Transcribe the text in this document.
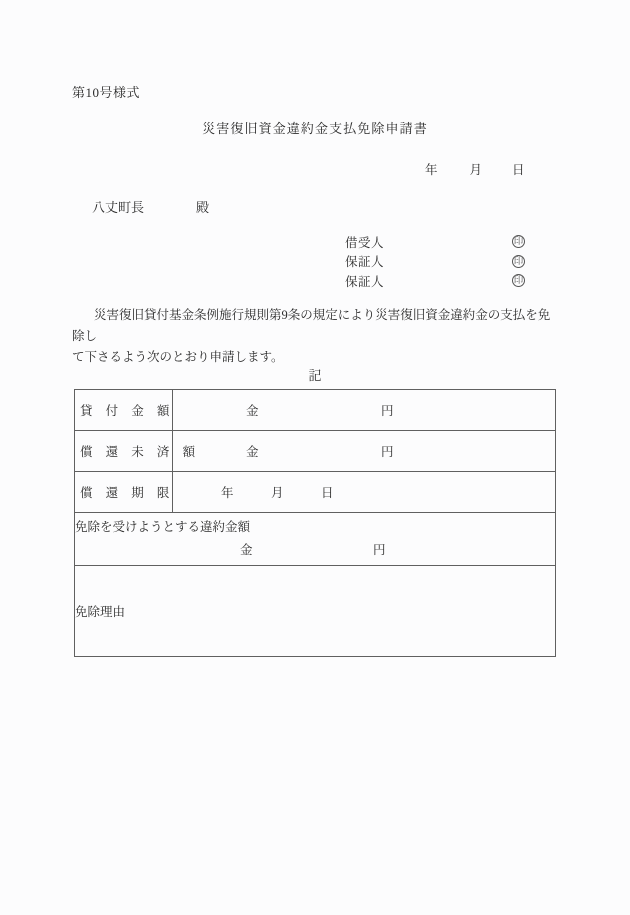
第10号様式
災害復旧資金違約金支払免除申請書
年	月 日
八丈町長	殿
借受人	印
保証人	印
保証人	印
災害復旧貸付基金条例施行規則第9条の規定により災害復旧資金違約金の支払を免除し
て下さるよう次のとおり申請します。
記
貸 付 金 額	金 円

償 還 未 済 額	金 円

償 還 期 限	年 月 日

免除を受けようとする違約金額
金 円	

免除理由	
